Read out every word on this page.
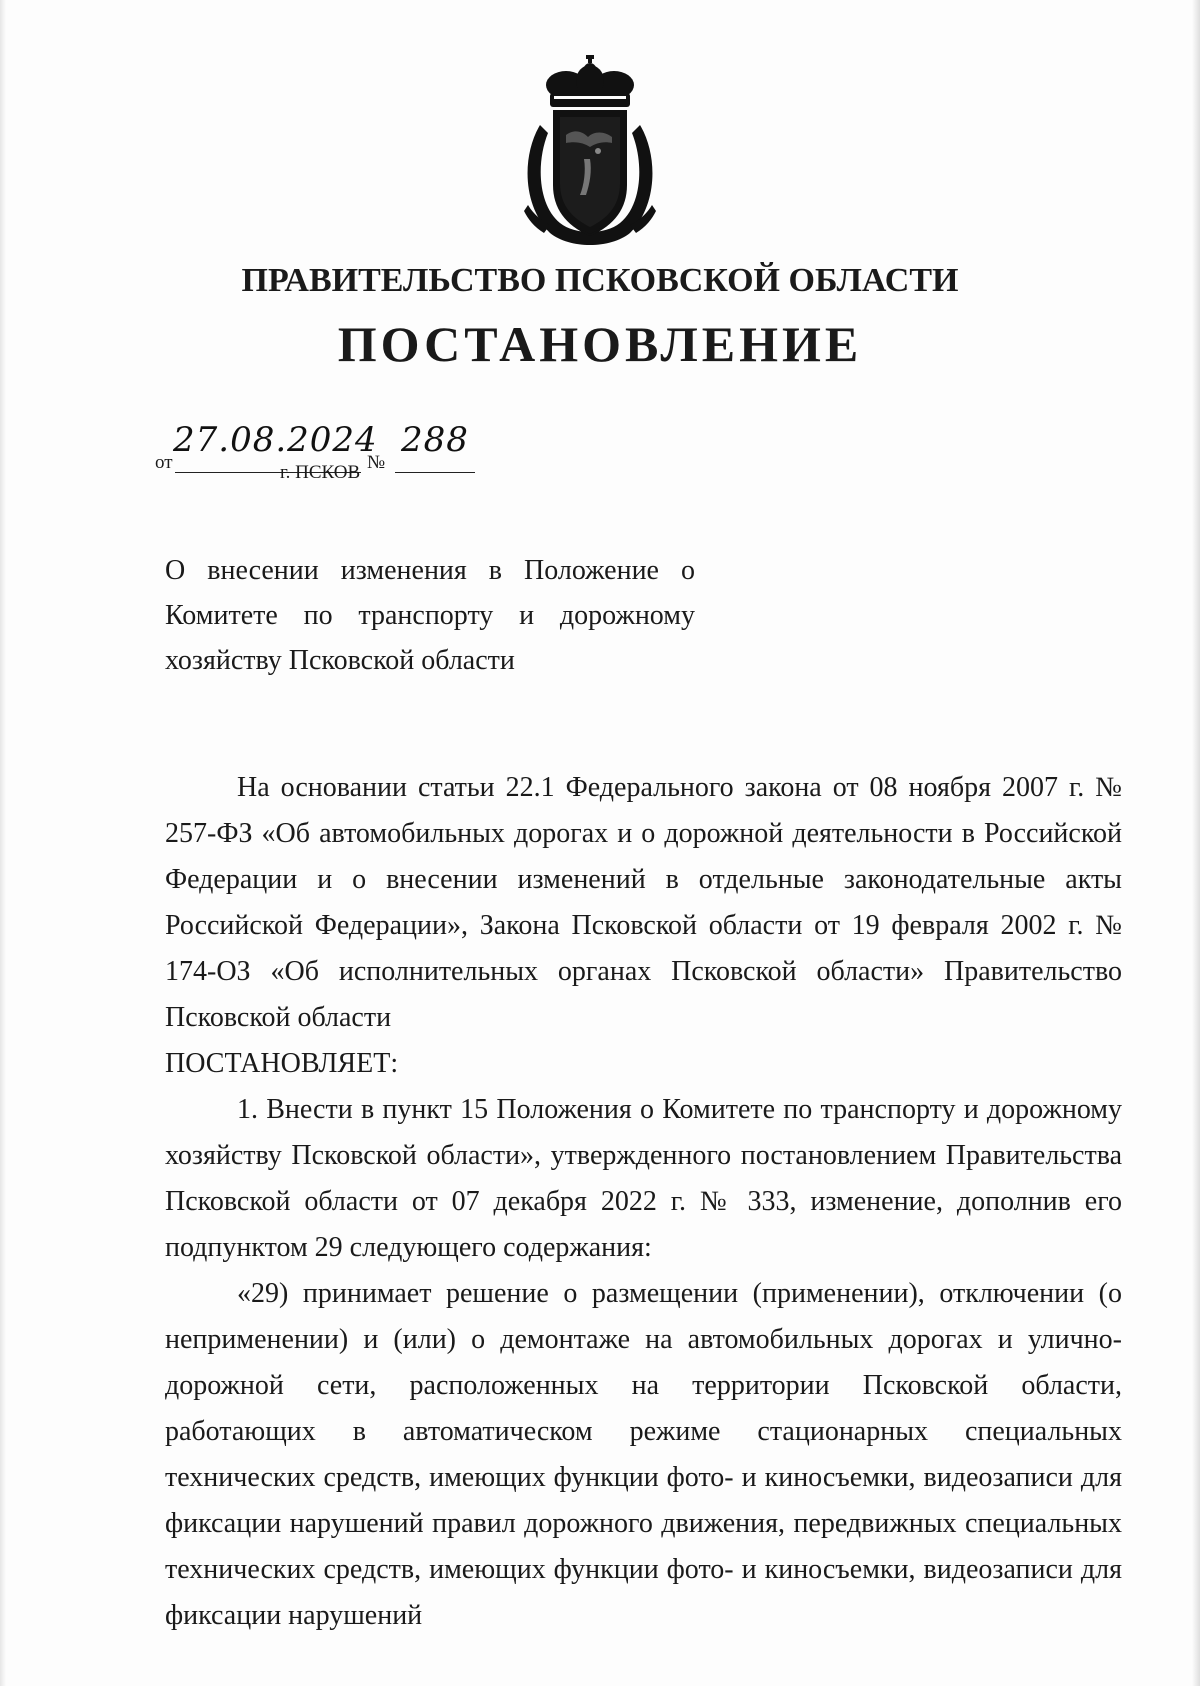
ПРАВИТЕЛЬСТВО ПСКОВСКОЙ ОБЛАСТИ
ПОСТАНОВЛЕНИЕ
от
27.08.2024
№
288
г. ПСКОВ

О внесении изменения в Положение о Комитете по транспорту и дорожному хозяйству Псковской области

На основании статьи 22.1 Федерального закона от 08 ноября 2007 г. № 257-ФЗ «Об автомобильных дорогах и о дорожной деятельности в Российской Федерации и о внесении изменений в отдельные законодательные акты Российской Федерации», Закона Псковской области от 19 февраля 2002 г. № 174-ОЗ «Об исполнительных органах Псковской области» Правительство Псковской области

ПОСТАНОВЛЯЕТ:

1. Внести в пункт 15 Положения о Комитете по транспорту и дорожному хозяйству Псковской области», утвержденного постановлением Правительства Псковской области от 07 декабря 2022 г. № 333, изменение, дополнив его подпунктом 29 следующего содержания:

«29) принимает решение о размещении (применении), отключении (о неприменении) и (или) о демонтаже на автомобильных дорогах и улично-дорожной сети, расположенных на территории Псковской области, работающих в автоматическом режиме стационарных специальных технических средств, имеющих функции фото- и киносъемки, видеозаписи для фиксации нарушений правил дорожного движения, передвижных специальных технических средств, имеющих функции фото- и киносъемки, видеозаписи для фиксации нарушений
